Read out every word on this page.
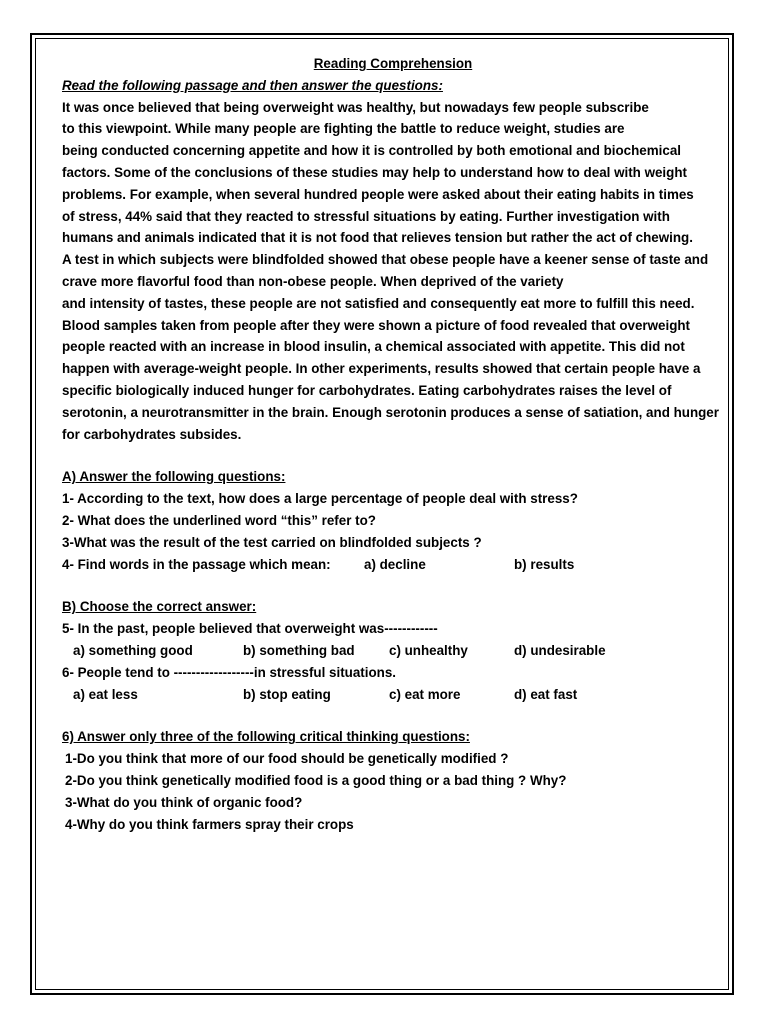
Reading Comprehension
Read the following passage and then answer the questions:
It was once believed that being overweight was healthy, but nowadays few people subscribe
to this viewpoint. While many people are fighting the battle to reduce weight, studies are
being conducted concerning appetite and how it is controlled by both emotional and biochemical
factors. Some of the conclusions of these studies may help to understand how to deal with weight
problems. For example, when several hundred people were asked about their eating habits in times
of stress, 44% said that they reacted to stressful situations by eating. Further investigation with
humans and animals indicated that it is not food that relieves tension but rather the act of chewing.
A test in which subjects were blindfolded showed that obese people have a keener sense of taste and
crave more flavorful food than non-obese people. When deprived of the variety
and intensity of tastes, these people are not satisfied and consequently eat more to fulfill this need.
Blood samples taken from people after they were shown a picture of food revealed that overweight
people reacted with an increase in blood insulin, a chemical associated with appetite. This did not
happen with average-weight people. In other experiments, results showed that certain people have a
specific biologically induced hunger for carbohydrates. Eating carbohydrates raises the level of
serotonin, a neurotransmitter in the brain. Enough serotonin produces a sense of satiation, and hunger
for carbohydrates subsides.
A) Answer the following questions:
1- According to the text, how does a large percentage of people deal with stress?
2- What does the underlined word “this” refer to?
3-What was the result of the test carried on blindfolded subjects ?
4- Find words in the passage which mean: a) decline	b) results
B) Choose the correct answer:
5- In the past, people believed that overweight was------------
a) something good	b) something bad	c) unhealthy	d) undesirable
6- People tend to ------------------in stressful situations.
a) eat less	b) stop eating	c) eat more	d) eat fast
6) Answer only three of the following critical thinking questions:
1-Do you think that more of our food should be genetically modified ?
2-Do you think genetically modified food is a good thing or a bad thing ? Why?
3-What do you think of organic food?
4-Why do you think farmers spray their crops
